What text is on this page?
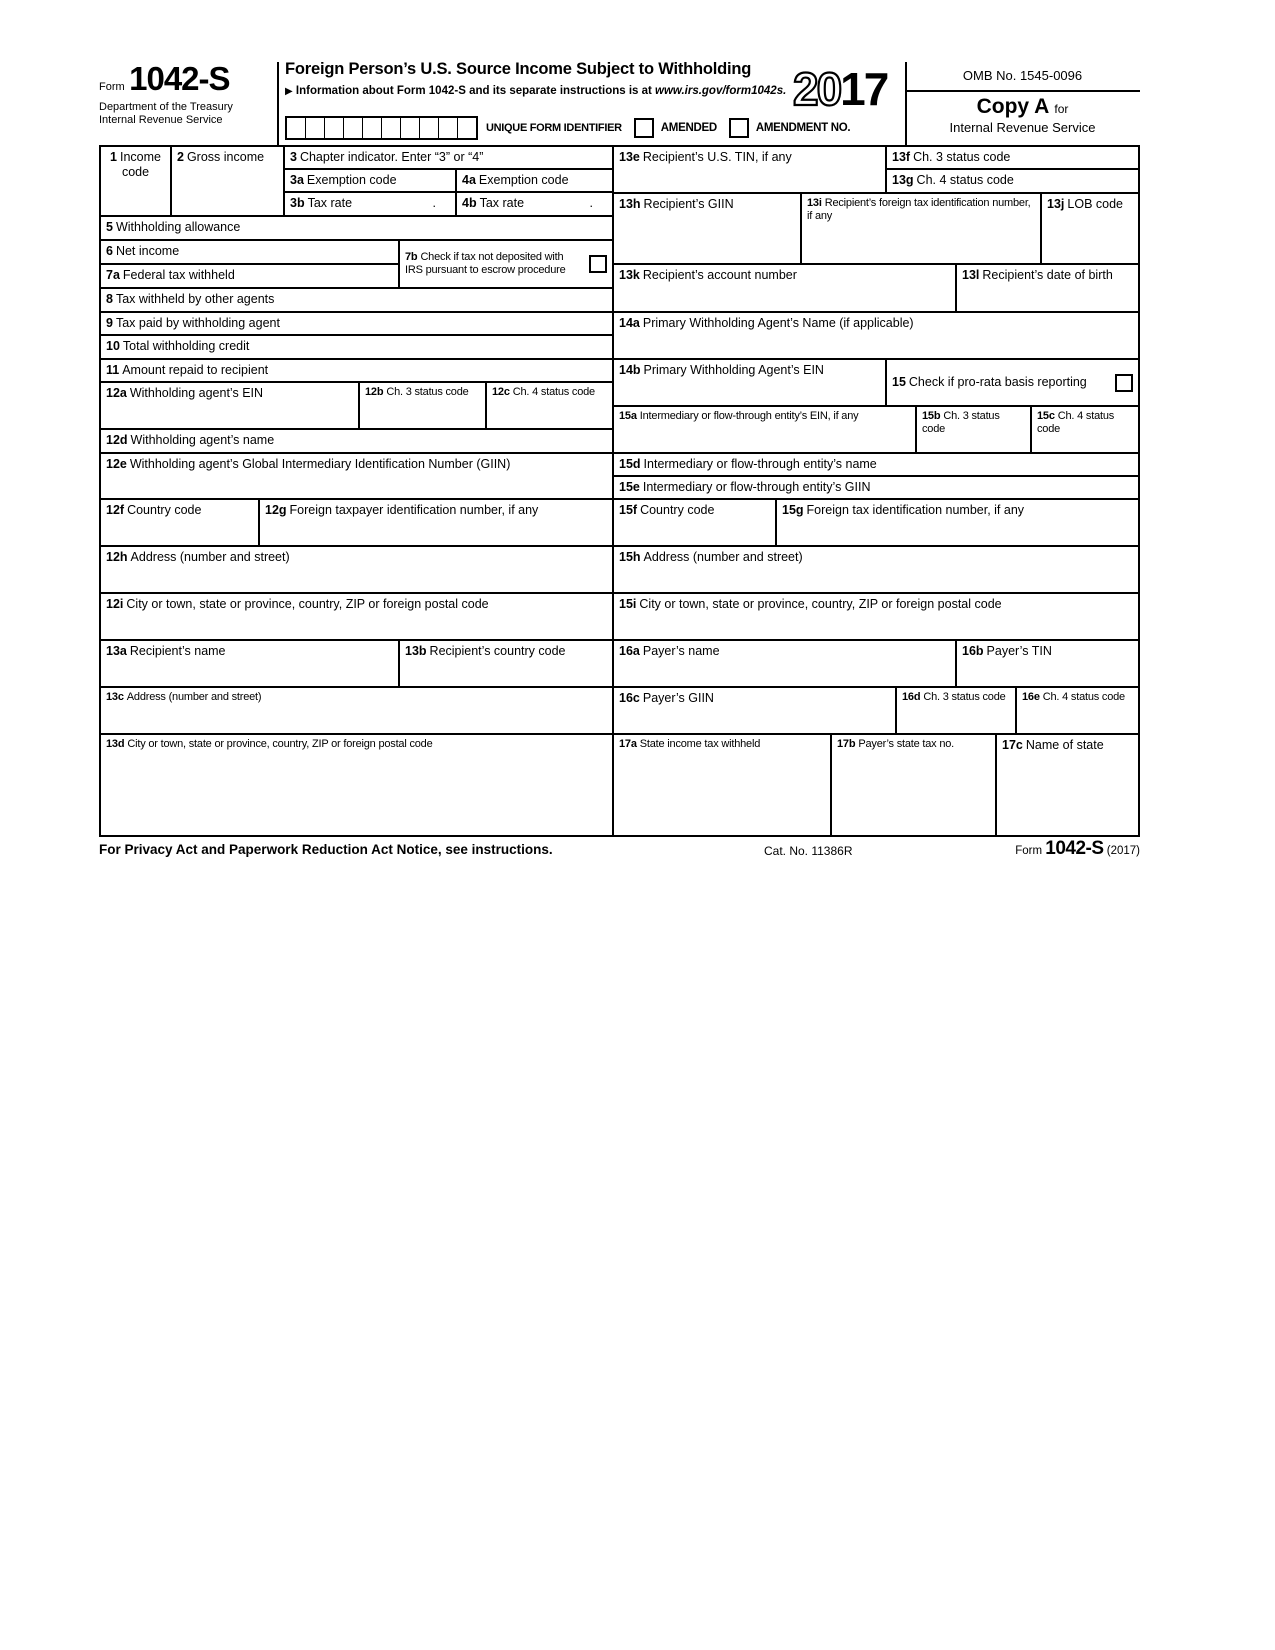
Form 1042-S
Department of the Treasury
Internal Revenue Service
Foreign Person’s U.S. Source Income Subject to Withholding
▶ Information about Form 1042-S and its separate instructions is at www.irs.gov/form1042s.
UNIQUE FORM IDENTIFIER	AMENDED	AMENDMENT NO.
2017	OMB No. 1545-0096
Copy A for
Internal Revenue Service
1 Income code
2 Gross income	3 Chapter indicator. Enter “3” or “4”
3a Exemption code	4a Exemption code
3b Tax rate	.	4b Tax rate	.
5 Withholding allowance
6 Net income	7b Check if tax not deposited with IRS pursuant to escrow procedure
7a Federal tax withheld
8 Tax withheld by other agents
9 Tax paid by withholding agent
10 Total withholding credit
11 Amount repaid to recipient
12a Withholding agent’s EIN	12b Ch. 3 status code	12c Ch. 4 status code
12d Withholding agent’s name
12e Withholding agent’s Global Intermediary Identification Number (GIIN)
12f Country code	12g Foreign taxpayer identification number, if any
12h Address (number and street)
12i City or town, state or province, country, ZIP or foreign postal code
13a Recipient’s name	13b Recipient’s country code
13c Address (number and street)
13d City or town, state or province, country, ZIP or foreign postal code
13e Recipient’s U.S. TIN, if any	13f Ch. 3 status code
13g Ch. 4 status code
13h Recipient’s GIIN	13i Recipient’s foreign tax identification number, if any
13j LOB code
13k Recipient’s account number	13l Recipient’s date of birth
14a Primary Withholding Agent’s Name (if applicable)
14b Primary Withholding Agent’s EIN
15 Check if pro-rata basis reporting
15a Intermediary or flow-through entity’s EIN, if any	15b Ch. 3 status code
15c Ch. 4 status code
15d Intermediary or flow-through entity’s name
15e Intermediary or flow-through entity’s GIIN
15f Country code	15g Foreign tax identification number, if any
15h Address (number and street)
15i City or town, state or province, country, ZIP or foreign postal code
16a Payer’s name	16b Payer’s TIN
16c Payer’s GIIN	16d Ch. 3 status code	16e Ch. 4 status code
17a State income tax withheld	17b Payer’s state tax no.	17c Name of state
For Privacy Act and Paperwork Reduction Act Notice, see instructions.	Cat. No. 11386R	Form 1042-S (2017)
